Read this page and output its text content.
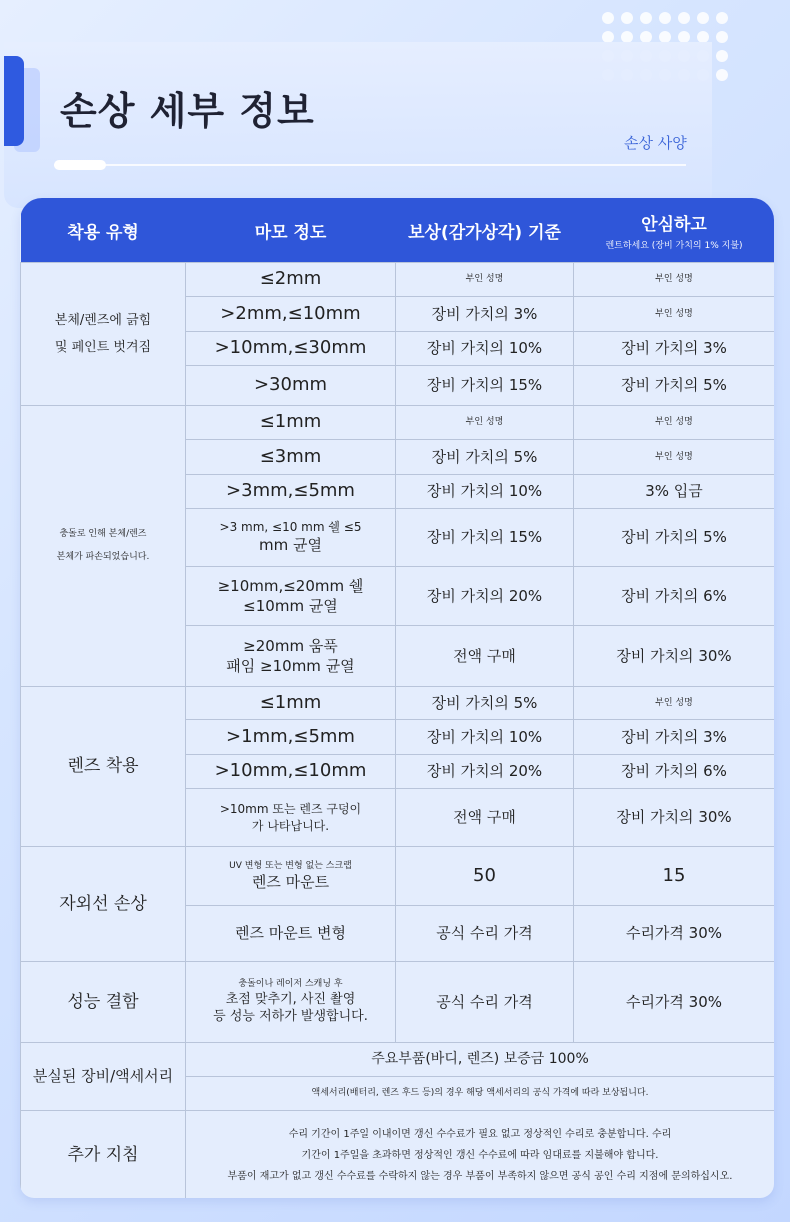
손상 세부 정보
손상 사양
착용 유형	마모 정도	보상(감가상각) 기준	안심하고
렌트하세요 (장비 가치의 1% 지불)

본체/렌즈에 긁힘
및 페인트 벗겨짐	≤2mm	부인 성명	부인 성명
	>2mm,≤10mm	장비 가치의 3%	부인 성명
	>10mm,≤30mm	장비 가치의 10%	장비 가치의 3%
	>30mm	장비 가치의 15%	장비 가치의 5%

충돌로 인해 본체/렌즈
본체가 파손되었습니다.	≤1mm	부인 성명	부인 성명
	≤3mm	장비 가치의 5%	부인 성명
	>3mm,≤5mm	장비 가치의 10%	3% 입금

	>3 mm, ≤10 mm 쉘 ≤5
mm 균열	장비 가치의 15%	장비 가치의 5%

	≥10mm,≤20mm 쉘
≤10mm 균열	장비 가치의 20%	장비 가치의 6%

	≥20mm 움푹
패임 ≥10mm 균열	전액 구매	장비 가치의 30%

렌즈 착용	≤1mm	장비 가치의 5%	부인 성명
	>1mm,≤5mm	장비 가치의 10%	장비 가치의 3%
	>10mm,≤10mm	장비 가치의 20%	장비 가치의 6%

	>10mm 또는 렌즈 구덩이
가 나타납니다.	전액 구매	장비 가치의 30%

자외선 손상	UV 변형 또는 변형 없는 스크랩
렌즈 마운트	50	15
	렌즈 마운트 변형	공식 수리 가격	수리가격 30%

성능 결함	충돌이나 레이저 스캐닝 후
초점 맞추기, 사진 촬영
등 성능 저하가 발생합니다.	공식 수리 가격	수리가격 30%
분실된 장비/액세서리	주요부품(바디, 렌즈) 보증금 100%		
	액세서리(배터리, 렌즈 후드 등)의 경우 해당 액세서리의 공식 가격에 따라 보상됩니다.		
추가 지침	수리 기간이 1주일 이내이면 갱신 수수료가 필요 없고 정상적인 수리로 충분합니다. 수리
기간이 1주일을 초과하면 정상적인 갱신 수수료에 따라 임대료를 지불해야 합니다.
부품이 재고가 없고 갱신 수수료를 수락하지 않는 경우 부품이 부족하지 않으면 공식 공인 수리 지점에 문의하십시오.		
